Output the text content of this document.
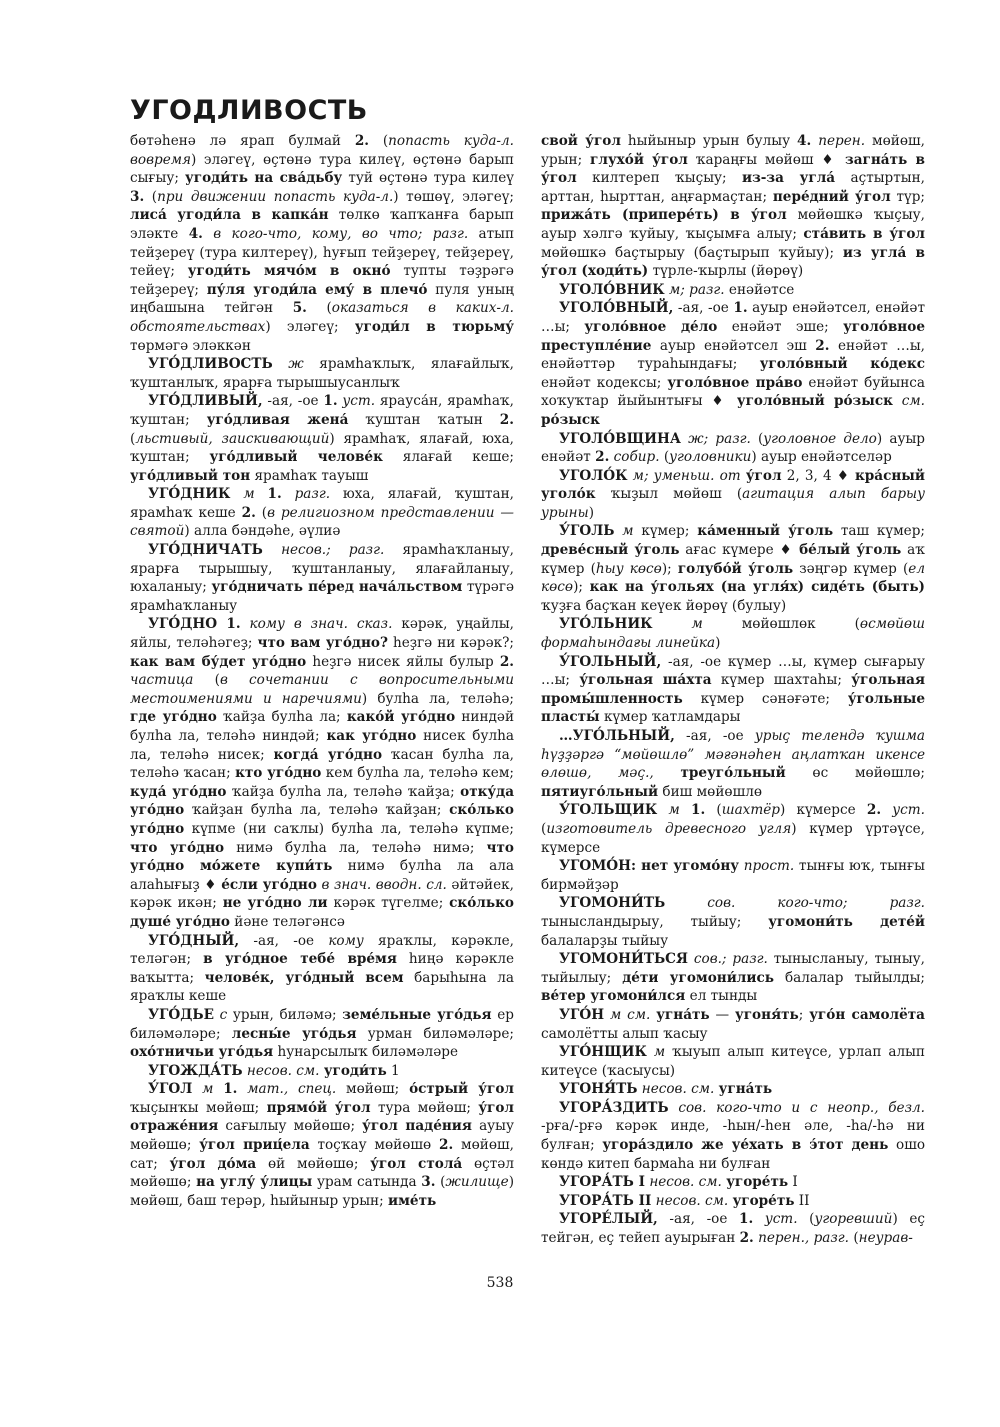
УГОДЛИВОСТЬ

бөтәһенә лә ярап булмай 2. (попасть куда-л. вовремя) эләгеү, өҫтөнә тура килеү, өҫтөнә барып сығыу; угоди́ть на сва́дьбу туй өҫтөнә тура килеү 3. (при движении попасть куда-л.) төшөү, эләгеү; лиса́ угоди́ла в капка́н төлкө ҡапҡанға барып эләкте 4. в кого-что, кому, во что; разг. атып тейҙереү (тура килтереү), һуғып тейҙереү, тейҙереү, тейеү; угоди́ть мячо́м в окно́ тупты тәҙрәгә тейҙереү; пу́ля угоди́ла ему́ в плечо́ пуля уның иңбашына тейгән 5. (оказаться в каких-л. обстоятельствах) эләгеү; угоди́л в тюрьму́ төрмәгә эләккән

УГО́ДЛИВОСТЬ ж ярамһаҡлыҡ, ялағайлыҡ, ҡуштанлыҡ, ярарға тырышыусанлыҡ

УГО́ДЛИВЫЙ, -ая, -ое 1. уст. ярауса́н, ярамһаҡ, ҡуштан; уго́дливая жена́ ҡуштан ҡатын 2. (льстивый, заискивающий) ярамһаҡ, ялағай, юха, ҡуштан; уго́дливый челове́к ялағай кеше; уго́дливый тон ярамһаҡ тауыш

УГО́ДНИК м 1. разг. юха, ялағай, ҡуштан, ярамһаҡ кеше 2. (в религиозном представлении — святой) алла бәндәһе, әүлиә

УГО́ДНИЧАТЬ несов.; разг. ярамһаҡланыу, ярарға тырышыу, ҡуштанланыу, ялағайланыу, юхаланыу; уго́дничать пе́ред нача́льством түрәгә ярамһаҡланыу

УГО́ДНО 1. кому в знач. сказ. кәрәк, уңайлы, яйлы, теләһәгеҙ; что вам уго́дно? һеҙгә ни кәрәк?; как вам бу́дет уго́дно һеҙгә нисек яйлы булыр 2. частица (в сочетании с вопросительными местоимениями и наречиями) булһа ла, теләһә; где уго́дно ҡайҙа булһа ла; како́й уго́дно ниндәй булһа ла, теләһә ниндәй; как уго́дно нисек булһа ла, теләһә нисек; когда́ уго́дно ҡасан булһа ла, теләһә ҡасан; кто уго́дно кем булһа ла, теләһә кем; куда́ уго́дно ҡайҙа булһа ла, теләһә ҡайҙа; отку́да уго́дно ҡайҙан булһа ла, теләһә ҡайҙан; ско́лько уго́дно күпме (ни саҡлы) булһа ла, теләһә күпме; что уго́дно нимә булһа ла, теләһә нимә; что уго́дно мо́жете купи́ть нимә булһа ла ала алаһығыҙ ♦ е́сли уго́дно в знач. вводн. сл. әйтәйек, кәрәк икән; не уго́дно ли кәрәк түгелме; ско́лько душе́ уго́дно йәне теләгәнсә

УГО́ДНЫЙ, -ая, -ое кому яраҡлы, кәрәкле, теләгән; в уго́дное тебе́ вре́мя һиңә кәрәкле ваҡытта; челове́к, уго́дный всем барыһына ла яраҡлы кеше

УГО́ДЬЕ с урын, биләмә; земе́льные уго́дья ер биләмәләре; лесны́е уго́дья урман биләмәләре; охо́тничьи уго́дья һунарсылыҡ биләмәләре

УГОЖДА́ТЬ несов. см. угоди́ть 1

У́ГОЛ м 1. мат., спец. мөйөш; о́стрый у́гол ҡыҫынҡы мөйөш; прямо́й у́гол тура мөйөш; у́гол отраже́ния сағылыу мөйөшө; у́гол паде́ния ауыу мөйөшө; у́гол приц́ела тоҫҡау мөйөшө 2. мөйөш, сат; у́гол до́ма өй мөйөшө; у́гол стола́ өҫтәл мөйөшө; на углу́ у́лицы урам сатында 3. (жилище) мөйөш, баш терәр, һыйыныр урын; име́ть

свой у́гол һыйыныр урын булыу 4. перен. мөйөш, урын; глухо́й у́гол ҡараңғы мөйөш ♦ загна́ть в у́гол килтереп ҡыҫыу; из-за угла́ аҫтыртын, арттан, һырттан, аңғармаҫтан; пере́дний у́гол түр; прижа́ть (припере́ть) в у́гол мөйөшкә ҡыҫыу, ауыр хәлгә ҡуйыу, ҡыҫымға алыу; ста́вить в у́гол мөйөшкә баҫтырыу (баҫтырып ҡуйыу); из угла́ в у́гол (ходи́ть) түрле-ҡырлы (йөрөү)

УГОЛО́ВНИК м; разг. енәйәтсе

УГОЛО́ВНЫЙ, -ая, -ое 1. ауыр енәйәтсел, енәйәт …ы; уголо́вное де́ло енәйәт эше; уголо́вное преступле́ние ауыр енәйәтсел эш 2. енәйәт …ы, енәйәттәр тураһындағы; уголо́вный ко́декс енәйәт кодексы; уголо́вное пра́во енәйәт буйынса хоҡуҡтар йыйынтығы ♦ уголо́вный ро́зыск см. ро́зыск

УГОЛО́ВЩИНА ж; разг. (уголовное дело) ауыр енәйәт 2. собир. (уголовники) ауыр енәйәтселәр

УГОЛО́К м; уменьш. от у́гол 2, 3, 4 ♦ кра́сный уголо́к ҡыҙыл мөйөш (агитация алып барыу урыны)

У́ГОЛЬ м күмер; ка́менный у́голь таш күмер; древе́сный у́голь ағас күмере ♦ бе́лый у́голь аҡ күмер (һыу көсө); голубо́й у́голь зәңгәр күмер (ел көсө); как на у́гольях (на угля́х) сиде́ть (быть) ҡуҙға баҫҡан кеүек йөрөү (булыу)

УГО́ЛЬНИК	м мөйөшлөк (өсмөйөш формаһындағы линейка)

У́ГОЛЬНЫЙ, -ая, -ое күмер …ы, күмер сығарыу …ы; у́гольная ша́хта күмер шахтаһы; у́гольная промы́шленность күмер сәнәғәте; у́гольные пласты́ күмер ҡатламдары

…УГО́ЛЬНЫЙ, -ая, -ое урыҫ телендә ҡушма һүҙҙәргә “мөйөшлө” мәғәнәһен аңлатҡан икенсе өлөшө, мәҫ., треуго́льный өс мөйөшлө; пятиуго́льный биш мөйөшлө

У́ГОЛЬЩИК м 1. (шахтёр) күмерсе 2. уст. (изготовитель древесного угля) күмер үртәүсе, күмерсе

УГОМО́Н: нет угомо́ну прост. тынғы юҡ, тынғы бирмәйҙәр

УГОМОНИ́ТЬ	сов. кого-что; разг. тынысландырыу, тыйыу; угомони́ть дете́й балаларҙы тыйыу

УГОМОНИ́ТЬСЯ сов.; разг. тынысланыу, тыныу, тыйылыу; де́ти угомони́лись балалар тыйылды; ве́тер угомони́лся ел тынды

УГО́Н м см. угна́ть — угоня́ть; уго́н самолёта самолётты алып ҡасыу

УГО́НЩИК м ҡыуып алып китеүсе, урлап алып китеүсе (ҡасыусы)

УГОНЯ́ТЬ несов. см. угна́ть

УГОРА́ЗДИТЬ сов. кого-что и с неопр., безл. -рға/-рғә кәрәк инде, -һын/-һен әле, -һа/-һә ни булған; угора́здило же уе́хать в э́тот день ошо көндә китеп бармаһа ни булған

УГОРА́ТЬ I несов. см. угоре́ть I

УГОРА́ТЬ II несов. см. угоре́ть II

УГОРЕ́ЛЫЙ, -ая, -ое 1. уст. (угоревший) еҫ тейгән, еҫ тейеп ауырыған 2. перен., разг. (неурав-

538
